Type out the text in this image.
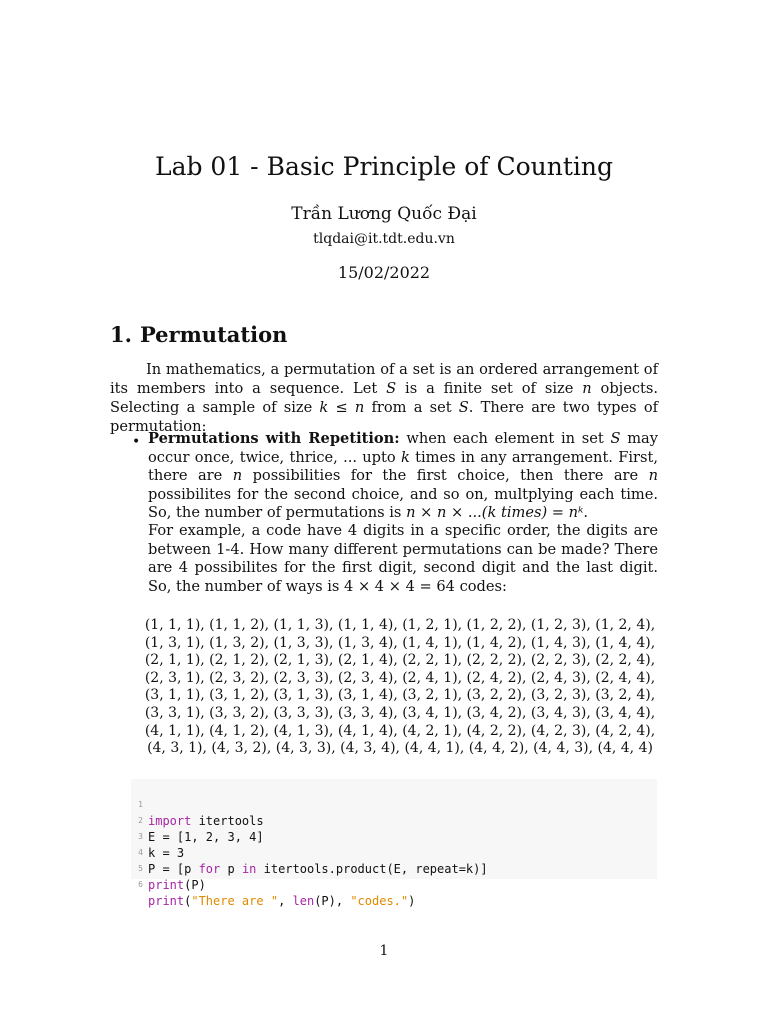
Lab 01 - Basic Principle of Counting
Trần Lương Quốc Đại
tlqdai@it.tdt.edu.vn
15/02/2022
1. Permutation
In mathematics, a permutation of a set is an ordered arrangement of its members into a sequence. Let S is a finite set of size n objects. Selecting a sample of size k ≤ n from a set S. There are two types of permutation:
• Permutations with Repetition: when each element in set S may occur once, twice, thrice, ... upto k times in any arrangement. First, there are n possibilities for the first choice, then there are n possibilites for the second choice, and so on, multplying each time. So, the number of permutations is n × n × ...(k times) = nᵏ.
For example, a code have 4 digits in a specific order, the digits are between 1-4. How many different permutations can be made? There are 4 possibilites for the first digit, second digit and the last digit. So, the number of ways is 4 × 4 × 4 = 64 codes:
(1, 1, 1), (1, 1, 2), (1, 1, 3), (1, 1, 4), (1, 2, 1), (1, 2, 2), (1, 2, 3), (1, 2, 4),
(1, 3, 1), (1, 3, 2), (1, 3, 3), (1, 3, 4), (1, 4, 1), (1, 4, 2), (1, 4, 3), (1, 4, 4),
(2, 1, 1), (2, 1, 2), (2, 1, 3), (2, 1, 4), (2, 2, 1), (2, 2, 2), (2, 2, 3), (2, 2, 4),
(2, 3, 1), (2, 3, 2), (2, 3, 3), (2, 3, 4), (2, 4, 1), (2, 4, 2), (2, 4, 3), (2, 4, 4),
(3, 1, 1), (3, 1, 2), (3, 1, 3), (3, 1, 4), (3, 2, 1), (3, 2, 2), (3, 2, 3), (3, 2, 4),
(3, 3, 1), (3, 3, 2), (3, 3, 3), (3, 3, 4), (3, 4, 1), (3, 4, 2), (3, 4, 3), (3, 4, 4),
(4, 1, 1), (4, 1, 2), (4, 1, 3), (4, 1, 4), (4, 2, 1), (4, 2, 2), (4, 2, 3), (4, 2, 4),
(4, 3, 1), (4, 3, 2), (4, 3, 3), (4, 3, 4), (4, 4, 1), (4, 4, 2), (4, 4, 3), (4, 4, 4)

1

import itertools

2

E = [1, 2, 3, 4]

3

k = 3

4

P = [p for p in itertools.product(E, repeat=k)]

5

print(P)

6

print("There are ", len(P), "codes.")

1
